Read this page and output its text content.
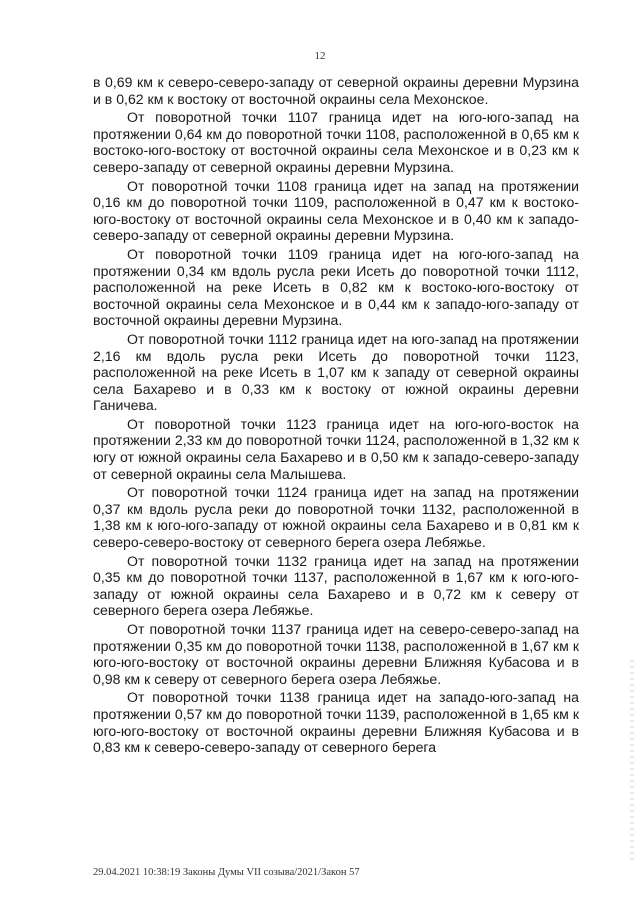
12

в 0,69 км к северо-северо-западу от северной окраины деревни Мурзина и в 0,62 км к востоку от восточной окраины села Мехонское.

От поворотной точки 1107 граница идет на юго-юго-запад на протяжении 0,64 км до поворотной точки 1108, расположенной в 0,65 км к востоко-юго-востоку от восточной окраины села Мехонское и в 0,23 км к северо-западу от северной окраины деревни Мурзина.

От поворотной точки 1108 граница идет на запад на протяжении 0,16 км до поворотной точки 1109, расположенной в 0,47 км к востоко-юго-востоку от восточной окраины села Мехонское и в 0,40 км к западо-северо-западу от северной окраины деревни Мурзина.

От поворотной точки 1109 граница идет на юго-юго-запад на протяжении 0,34 км вдоль русла реки Исеть до поворотной точки 1112, расположенной на реке Исеть в 0,82 км к востоко-юго-востоку от восточной окраины села Мехонское и в 0,44 км к западо-юго-западу от восточной окраины деревни Мурзина.

От поворотной точки 1112 граница идет на юго-запад на протяжении 2,16 км вдоль русла реки Исеть до поворотной точки 1123, расположенной на реке Исеть в 1,07 км к западу от северной окраины села Бахарево и в 0,33 км к востоку от южной окраины деревни Ганичева.

От поворотной точки 1123 граница идет на юго-юго-восток на протяжении 2,33 км до поворотной точки 1124, расположенной в 1,32 км к югу от южной окраины села Бахарево и в 0,50 км к западо-северо-западу от северной окраины села Малышева.

От поворотной точки 1124 граница идет на запад на протяжении 0,37 км вдоль русла реки до поворотной точки 1132, расположенной в 1,38 км к юго-юго-западу от южной окраины села Бахарево и в 0,81 км к северо-северо-востоку от северного берега озера Лебяжье.

От поворотной точки 1132 граница идет на запад на протяжении 0,35 км до поворотной точки 1137, расположенной в 1,67 км к юго-юго-западу от южной окраины села Бахарево и в 0,72 км к северу от северного берега озера Лебяжье.

От поворотной точки 1137 граница идет на северо-северо-запад на протяжении 0,35 км до поворотной точки 1138, расположенной в 1,67 км к юго-юго-востоку от восточной окраины деревни Ближняя Кубасова и в 0,98 км к северу от северного берега озера Лебяжье.

От поворотной точки 1138 граница идет на западо-юго-запад на протяжении 0,57 км до поворотной точки 1139, расположенной в 1,65 км к юго-юго-востоку от восточной окраины деревни Ближняя Кубасова и в 0,83 км к северо-северо-западу от северного берега

29.04.2021 10:38:19 Законы Думы VII созыва/2021/Закон 57
